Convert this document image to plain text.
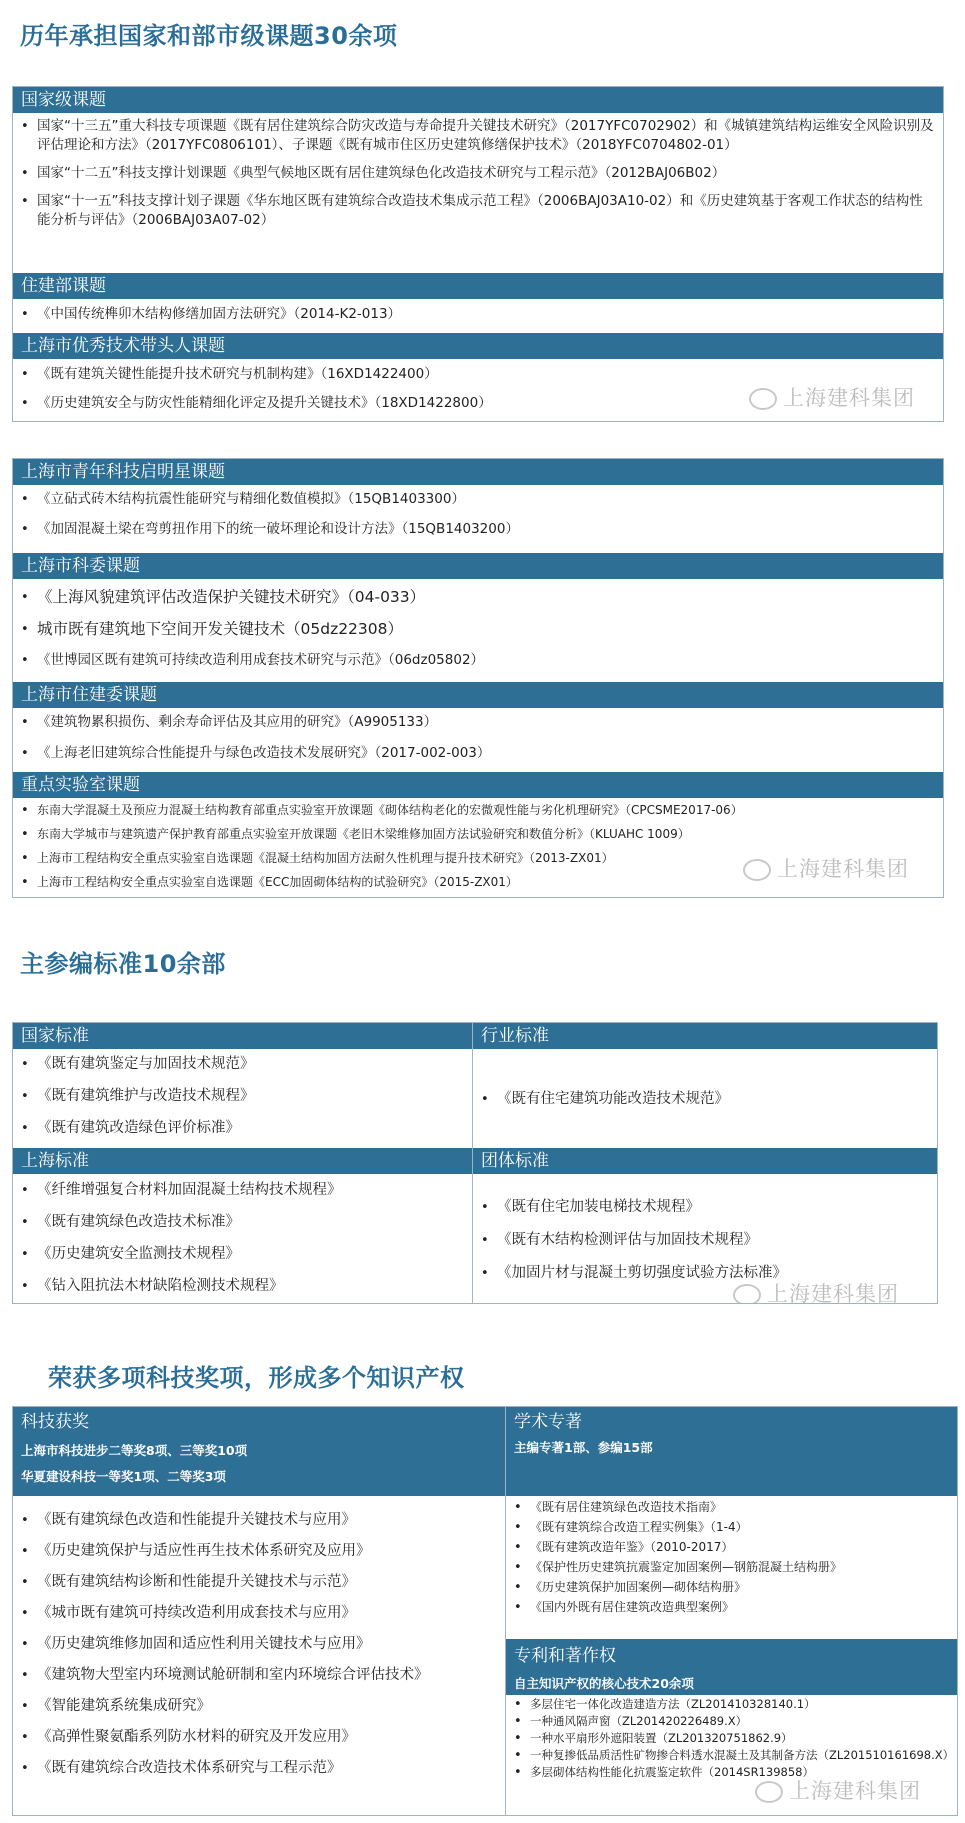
历年承担国家和部市级课题30余项
国家级课题
• 国家“十三五”重大科技专项课题《既有居住建筑综合防灾改造与寿命提升关键技术研究》（2017YFC0702902）和《城镇建筑结构运维安全风险识别及评估理论和方法》（2017YFC0806101）、子课题《既有城市住区历史建筑修缮保护技术》（2018YFC0704802-01）
• 国家“十二五”科技支撑计划课题《典型气候地区既有居住建筑绿色化改造技术研究与工程示范》（2012BAJ06B02）
• 国家“十一五”科技支撑计划子课题《华东地区既有建筑综合改造技术集成示范工程》（2006BAJ03A10-02）和《历史建筑基于客观工作状态的结构性能分析与评估》（2006BAJ03A07-02）
住建部课题
• 《中国传统榫卯木结构修缮加固方法研究》（2014-K2-013）
上海市优秀技术带头人课题
• 《既有建筑关键性能提升技术研究与机制构建》（16XD1422400）
• 《历史建筑安全与防灾性能精细化评定及提升关键技术》（18XD1422800）	上海建科集团
上海市青年科技启明星课题
• 《立砧式砖木结构抗震性能研究与精细化数值模拟》（15QB1403300）
• 《加固混凝土梁在弯剪扭作用下的统一破坏理论和设计方法》（15QB1403200）
上海市科委课题
• 《上海风貌建筑评估改造保护关键技术研究》（04-033）
• 城市既有建筑地下空间开发关键技术（05dz22308）
• 《世博园区既有建筑可持续改造利用成套技术研究与示范》（06dz05802）
上海市住建委课题
• 《建筑物累积损伤、剩余寿命评估及其应用的研究》（A9905133）
• 《上海老旧建筑综合性能提升与绿色改造技术发展研究》（2017-002-003）
重点实验室课题
• 东南大学混凝土及预应力混凝土结构教育部重点实验室开放课题《砌体结构老化的宏微观性能与劣化机理研究》（CPCSME2017-06）
• 东南大学城市与建筑遗产保护教育部重点实验室开放课题《老旧木梁维修加固方法试验研究和数值分析》（KLUAHC 1009）
• 上海市工程结构安全重点实验室自选课题《混凝土结构加固方法耐久性机理与提升技术研究》（2013-ZX01）
• 上海市工程结构安全重点实验室自选课题《ECC加固砌体结构的试验研究》（2015-ZX01）
上海建科集团
主参编标准10余部
国家标准
• 《既有建筑鉴定与加固技术规范》
• 《既有建筑维护与改造技术规程》
• 《既有建筑改造绿色评价标准》
上海标准
• 《纤维增强复合材料加固混凝土结构技术规程》
• 《既有建筑绿色改造技术标准》
• 《历史建筑安全监测技术规程》
• 《钻入阻抗法木材缺陷检测技术规程》
行业标准
• 《既有住宅建筑功能改造技术规范》
团体标准
• 《既有住宅加装电梯技术规程》
• 《既有木结构检测评估与加固技术规程》
• 《加固片材与混凝土剪切强度试验方法标准》
上海建科集团
荣获多项科技奖项，形成多个知识产权
科技获奖
上海市科技进步二等奖8项、三等奖10项
华夏建设科技一等奖1项、二等奖3项
• 《既有建筑绿色改造和性能提升关键技术与应用》
• 《历史建筑保护与适应性再生技术体系研究及应用》
• 《既有建筑结构诊断和性能提升关键技术与示范》
• 《城市既有建筑可持续改造利用成套技术与应用》
• 《历史建筑维修加固和适应性利用关键技术与应用》
• 《建筑物大型室内环境测试舱研制和室内环境综合评估技术》
• 《智能建筑系统集成研究》
• 《高弹性聚氨酯系列防水材料的研究及开发应用》
• 《既有建筑综合改造技术体系研究与工程示范》
学术专著
主编专著1部、参编15部
• 《既有居住建筑绿色改造技术指南》
• 《既有建筑综合改造工程实例集》（1-4）
• 《既有建筑改造年鉴》（2010-2017）
• 《保护性历史建筑抗震鉴定加固案例—钢筋混凝土结构册》
• 《历史建筑保护加固案例—砌体结构册》
• 《国内外既有居住建筑改造典型案例》
专利和著作权
自主知识产权的核心技术20余项
• 多层住宅一体化改造建造方法（ZL201410328140.1）
• 一种通风隔声窗（ZL201420226489.X）
• 一种水平扇形外遮阳装置（ZL201320751862.9）
• 一种复掺低品质活性矿物掺合料透水混凝土及其制备方法（ZL201510161698.X）
• 多层砌体结构性能化抗震鉴定软件（2014SR139858）
上海建科集团
